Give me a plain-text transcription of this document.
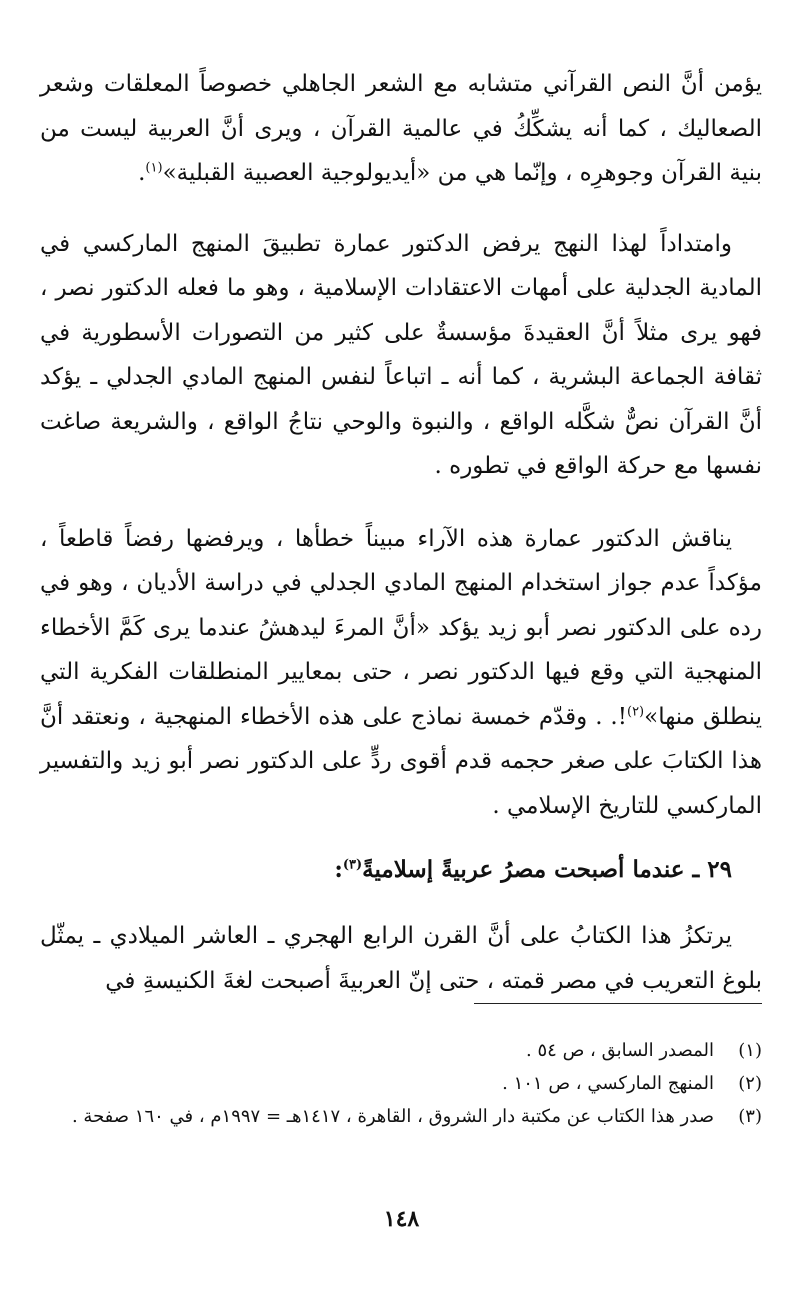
يؤمن أنَّ النص القرآني متشابه مع الشعر الجاهلي خصوصاً المعلقات وشعر الصعاليك ، كما أنه يشكِّكُ في عالمية القرآن ، ويرى أنَّ العربية ليست من بنية القرآن وجوهرِه ، وإنّما هي من «أيديولوجية العصبية القبلية»$^{(١)}$.

وامتداداً لهذا النهج يرفض الدكتور عمارة تطبيقَ المنهج الماركسي في المادية الجدلية على أمهات الاعتقادات الإسلامية ، وهو ما فعله الدكتور نصر ، فهو يرى مثلاً أنَّ العقيدةَ مؤسسةٌ على كثير من التصورات الأسطورية في ثقافة الجماعة البشرية ، كما أنه ـ اتباعاً لنفس المنهج المادي الجدلي ـ يؤكد أنَّ القرآن نصٌّ شكَّله الواقع ، والنبوة والوحي نتاجُ الواقع ، والشريعة صاغت نفسها مع حركة الواقع في تطوره .

يناقش الدكتور عمارة هذه الآراء مبيناً خطأها ، ويرفضها رفضاً قاطعاً ، مؤكداً عدم جواز استخدام المنهج المادي الجدلي في دراسة الأديان ، وهو في رده على الدكتور نصر أبو زيد يؤكد «أنَّ المرءَ ليدهشُ عندما يرى كَمَّ الأخطاء المنهجية التي وقع فيها الدكتور نصر ، حتى بمعايير المنطلقات الفكرية التي ينطلق منها»$^{(٢)}$!. . وقدّم خمسة نماذج على هذه الأخطاء المنهجية ، ونعتقد أنَّ هذا الكتابَ على صغر حجمه قدم أقوى ردٍّ على الدكتور نصر أبو زيد والتفسير الماركسي للتاريخ الإسلامي .

٢٩ ـ عندما أصبحت مصرُ عربيةً إسلاميةً$^{(٣)}$:

يرتكزُ هذا الكتابُ على أنَّ القرن الرابع الهجري ـ العاشر الميلادي ـ يمثّل بلوغ التعريب في مصر قمته ، حتى إنّ العربيةَ أصبحت لغةَ الكنيسةِ في

(١)
المصدر السابق ، ص ٥٤ .
(٢)
المنهج الماركسي ، ص ١٠١ .
(٣)
صدر هذا الكتاب عن مكتبة دار الشروق ، القاهرة ، ١٤١٧هـ = ١٩٩٧م ، في ١٦٠ صفحة .
١٤٨
